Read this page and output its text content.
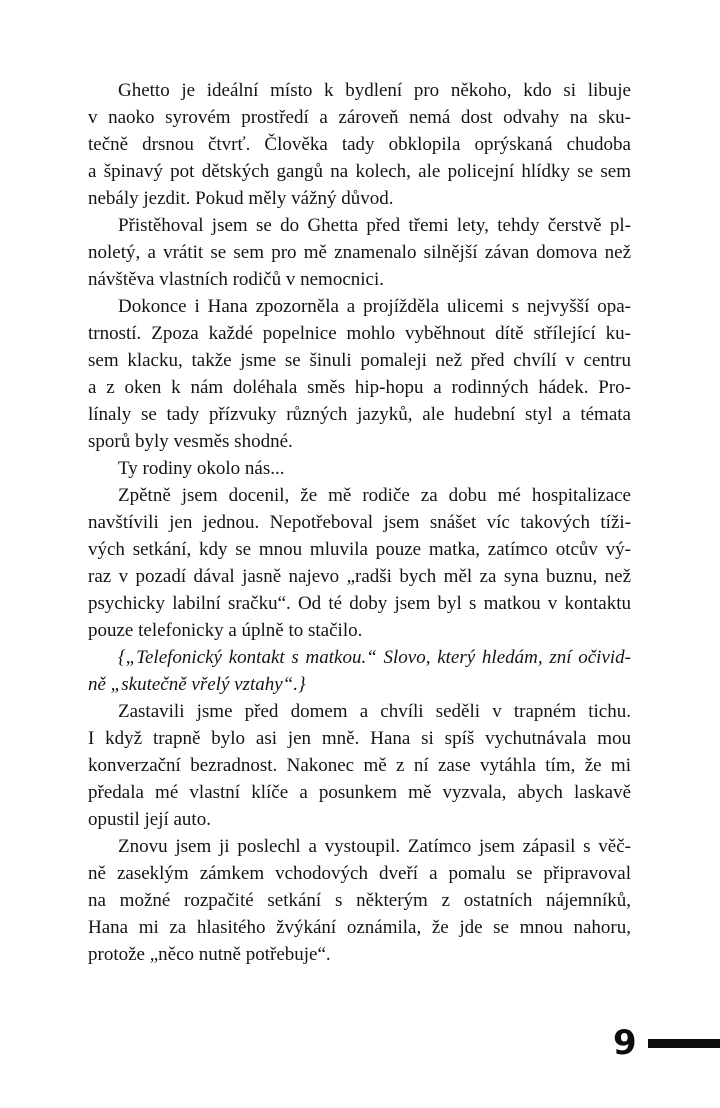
Ghetto je ideální místo k bydlení pro někoho, kdo si libuje
v naoko syrovém prostředí a zároveň nemá dost odvahy na sku-
tečně drsnou čtvrť. Člověka tady obklopila oprýskaná chudoba
a špinavý pot dětských gangů na kolech, ale policejní hlídky se sem
nebály jezdit. Pokud měly vážný důvod.
Přistěhoval jsem se do Ghetta před třemi lety, tehdy čerstvě pl-
noletý, a vrátit se sem pro mě znamenalo silnější závan domova než
návštěva vlastních rodičů v nemocnici.
Dokonce i Hana zpozorněla a projížděla ulicemi s nejvyšší opa-
trností. Zpoza každé popelnice mohlo vyběhnout dítě střílející ku-
sem klacku, takže jsme se šinuli pomaleji než před chvílí v centru
a z oken k nám doléhala směs hip-hopu a rodinných hádek. Pro-
línaly se tady přízvuky různých jazyků, ale hudební styl a témata
sporů byly vesměs shodné.
Ty rodiny okolo nás...
Zpětně jsem docenil, že mě rodiče za dobu mé hospitalizace
navštívili jen jednou. Nepotřeboval jsem snášet víc takových tíži-
vých setkání, kdy se mnou mluvila pouze matka, zatímco otcův vý-
raz v pozadí dával jasně najevo „radši bych měl za syna buznu, než
psychicky labilní sračku“. Od té doby jsem byl s matkou v kontaktu
pouze telefonicky a úplně to stačilo.
{„Telefonický kontakt s matkou.“ Slovo, který hledám, zní očivid-
ně „skutečně vřelý vztahy“.}
Zastavili jsme před domem a chvíli seděli v trapném tichu.
I když trapně bylo asi jen mně. Hana si spíš vychutnávala mou
konverzační bezradnost. Nakonec mě z ní zase vytáhla tím, že mi
předala mé vlastní klíče a posunkem mě vyzvala, abych laskavě
opustil její auto.
Znovu jsem ji poslechl a vystoupil. Zatímco jsem zápasil s věč-
ně zaseklým zámkem vchodových dveří a pomalu se připravoval
na možné rozpačité setkání s některým z ostatních nájemníků,
Hana mi za hlasitého žvýkání oznámila, že jde se mnou nahoru,
protože „něco nutně potřebuje“.
9
